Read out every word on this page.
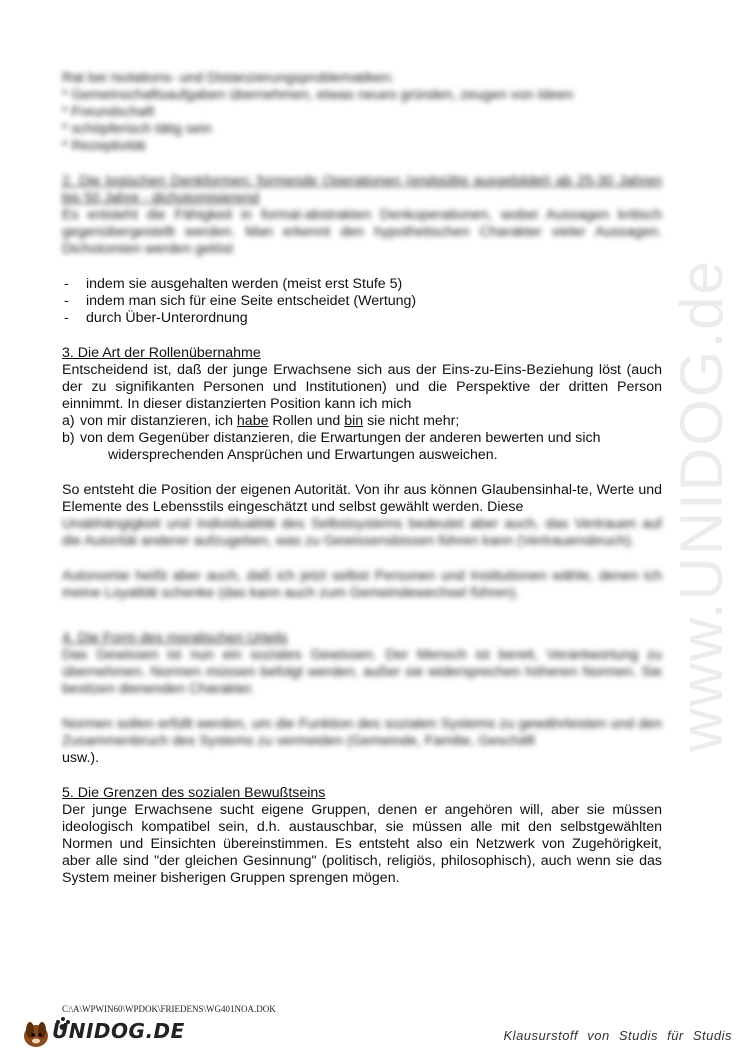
www.UNIDOG.de

Rat bei Isolations- und Distanzierungsproblematiken:

* Gemeinschaftsaufgaben übernehmen, etwas neues gründen, zeugen von Ideen

* Freundschaft

* schöpferisch tätig sein

* Rezeptivität

2. Die logischen Denkformen: formende Operationen (endgültig ausgebildet) ab 25-30 Jahren bis 50 Jahre - dichotomisierend

Es entsteht die Fähigkeit in formal-abstrakten Denkoperationen, wobei Aussagen kritisch gegenübergestellt werden. Man erkennt den hypothetischen Charakter vieler Aussagen. Dichotomien werden gelöst

- indem sie ausgehalten werden (meist erst Stufe 5)
- indem man sich für eine Seite entscheidet (Wertung)
- durch Über-Unterordnung

3. Die Art der Rollenübernahme

Entscheidend ist, daß der junge Erwachsene sich aus der Eins-zu-Eins-Beziehung löst (auch der zu signifikanten Personen und Institutionen) und die Perspektive der dritten Person einnimmt. In dieser distanzierten Position kann ich mich

a) von mir distanzieren, ich habe Rollen und bin sie nicht mehr;
b) von dem Gegenüber distanzieren, die Erwartungen der anderen bewerten und sich

widersprechenden Ansprüchen und Erwartungen ausweichen.

So entsteht die Position der eigenen Autorität. Von ihr aus können Glaubensinhal-te, Werte und Elemente des Lebensstils eingeschätzt und selbst gewählt werden. Diese

Unabhängigkeit und Individualität des Selbstsystems bedeutet aber auch, das Vertrauen auf die Autorität anderer aufzugeben, was zu Gewissensbissen führen kann (Vertrauensbruch).

Autonomie heißt aber auch, daß ich jetzt selbst Personen und Institutionen wähle, denen ich meine Loyalität schenke (das kann auch zum Gemeindewechsel führen).

4. Die Form des moralischen Urteils

Das Gewissen ist nun ein soziales Gewissen. Der Mensch ist bereit, Verantwortung zu übernehmen. Normen müssen befolgt werden, außer sie widersprechen höheren Normen. Sie besitzen dienenden Charakter.

Normen sollen erfüllt werden, um die Funktion des sozialen Systems zu gewährleisten und den Zusammenbruch des Systems zu vermeiden (Gemeinde, Familie, Geschäft

usw.).

5. Die Grenzen des sozialen Bewußtseins

Der junge Erwachsene sucht eigene Gruppen, denen er angehören will, aber sie müssen ideologisch kompatibel sein, d.h. austauschbar, sie müssen alle mit den selbstgewählten Normen und Einsichten übereinstimmen. Es entsteht also ein Netzwerk von Zugehörigkeit, aber alle sind "der gleichen Gesinnung" (politisch, religiös, philosophisch), auch wenn sie das System meiner bisherigen Gruppen sprengen mögen.

C:\A\WPWIN60\WPDOK\FRIEDENS\WG401NOA.DOK
UNIDOG.DE	Klausurstoff von Studis für Studis
